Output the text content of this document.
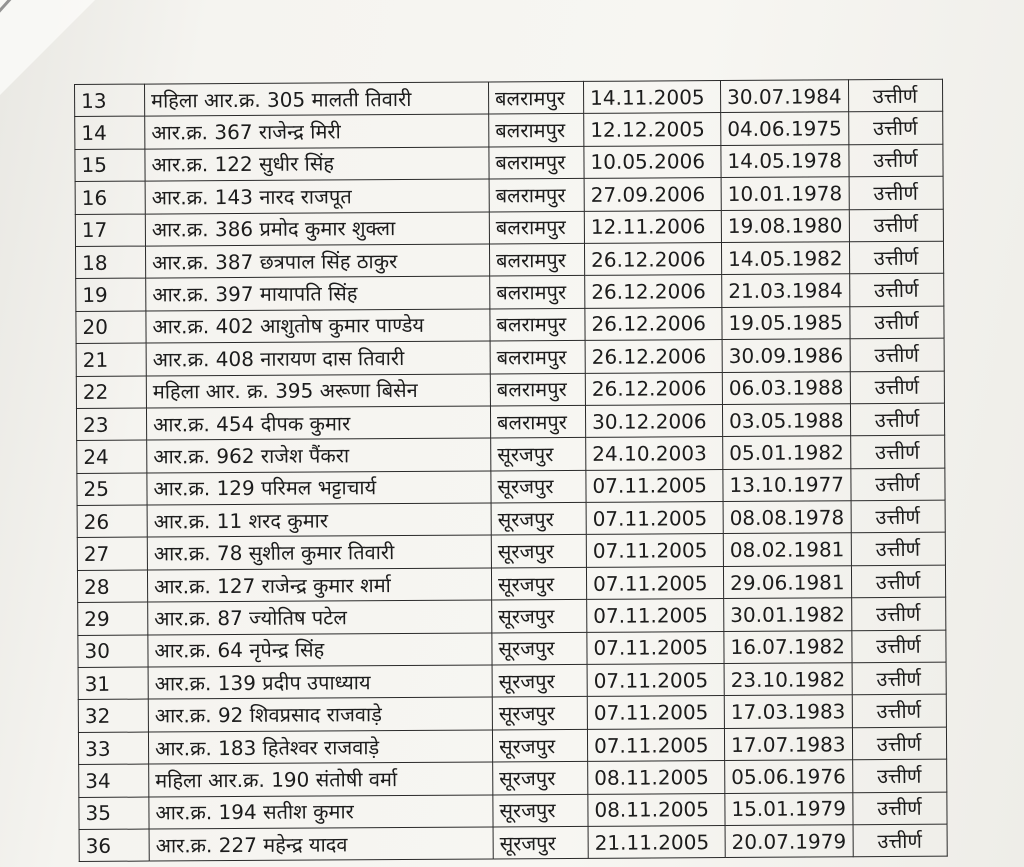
13	महिला आर.क्र. 305 मालती तिवारी	बलरामपुर	14.11.2005	30.07.1984	उत्तीर्ण
14	आर.क्र. 367 राजेन्द्र मिरी	बलरामपुर	12.12.2005	04.06.1975	उत्तीर्ण
15	आर.क्र. 122 सुधीर सिंह	बलरामपुर	10.05.2006	14.05.1978	उत्तीर्ण
16	आर.क्र. 143 नारद राजपूत	बलरामपुर	27.09.2006	10.01.1978	उत्तीर्ण
17	आर.क्र. 386 प्रमोद कुमार शुक्ला	बलरामपुर	12.11.2006	19.08.1980	उत्तीर्ण
18	आर.क्र. 387 छत्रपाल सिंह ठाकुर	बलरामपुर	26.12.2006	14.05.1982	उत्तीर्ण
19	आर.क्र. 397 मायापति सिंह	बलरामपुर	26.12.2006	21.03.1984	उत्तीर्ण
20	आर.क्र. 402 आशुतोष कुमार पाण्डेय	बलरामपुर	26.12.2006	19.05.1985	उत्तीर्ण
21	आर.क्र. 408 नारायण दास तिवारी	बलरामपुर	26.12.2006	30.09.1986	उत्तीर्ण
22	महिला आर. क्र. 395 अरूणा बिसेन	बलरामपुर	26.12.2006	06.03.1988	उत्तीर्ण
23	आर.क्र. 454 दीपक कुमार	बलरामपुर	30.12.2006	03.05.1988	उत्तीर्ण
24	आर.क्र. 962 राजेश पैंकरा	सूरजपुर	24.10.2003	05.01.1982	उत्तीर्ण
25	आर.क्र. 129 परिमल भट्टाचार्य	सूरजपुर	07.11.2005	13.10.1977	उत्तीर्ण
26	आर.क्र. 11 शरद कुमार	सूरजपुर	07.11.2005	08.08.1978	उत्तीर्ण
27	आर.क्र. 78 सुशील कुमार तिवारी	सूरजपुर	07.11.2005	08.02.1981	उत्तीर्ण
28	आर.क्र. 127 राजेन्द्र कुमार शर्मा	सूरजपुर	07.11.2005	29.06.1981	उत्तीर्ण
29	आर.क्र. 87 ज्योतिष पटेल	सूरजपुर	07.11.2005	30.01.1982	उत्तीर्ण
30	आर.क्र. 64 नृपेन्द्र सिंह	सूरजपुर	07.11.2005	16.07.1982	उत्तीर्ण
31	आर.क्र. 139 प्रदीप उपाध्याय	सूरजपुर	07.11.2005	23.10.1982	उत्तीर्ण
32	आर.क्र. 92 शिवप्रसाद राजवाड़े	सूरजपुर	07.11.2005	17.03.1983	उत्तीर्ण
33	आर.क्र. 183 हितेश्वर राजवाड़े	सूरजपुर	07.11.2005	17.07.1983	उत्तीर्ण
34	महिला आर.क्र. 190 संतोषी वर्मा	सूरजपुर	08.11.2005	05.06.1976	उत्तीर्ण
35	आर.क्र. 194 सतीश कुमार	सूरजपुर	08.11.2005	15.01.1979	उत्तीर्ण
36	आर.क्र. 227 महेन्द्र यादव	सूरजपुर	21.11.2005	20.07.1979	उत्तीर्ण
